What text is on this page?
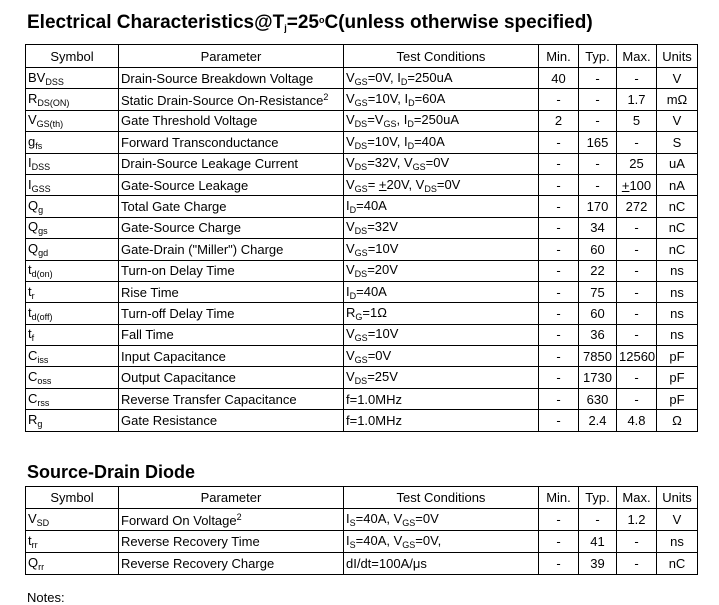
Electrical $Characteristics@Tj=25^oC(unless$ otherwise specified)
Symbol	Parameter	Test Conditions	Min.	Typ.	Max.	Units
$BV_{DSS}$	Drain-Source Breakdown Voltage	$V_{GS}=0V$, $I_D=250uA$	40	-	-	V
$R_{DS(ON)}$	Static Drain-Source On-Resistance$^2$	$V_{GS}=10V$, $I_D=60A$	-	-	1.7	mΩ
$V_{GS(th)}$	Gate Threshold Voltage	$V_{DS}=V_{GS}$, $I_D=250uA$	2	-	5	V
$g_{fs}$	Forward Transconductance	$V_{DS}=10V$, $I_D=40A$	-	165	-	S
$I_{DSS}$	Drain-Source Leakage Current	$V_{DS}=32V$, $V_{GS}=0V$	-	-	25	uA
$I_{GSS}$	Gate-Source Leakage	$V_{GS}= +20V$, $V_{DS}=0V$	-	-	+100	nA
$Q_g$	Total Gate Charge	$I_D=40A$	-	170	272	nC
$Q_{gs}$	Gate-Source Charge	$V_{DS}=32V$	-	34	-	nC
$Q_{gd}$	Gate-Drain ("Miller") Charge	$V_{GS}=10V$	-	60	-	nC
$t_{d(on)}$	Turn-on Delay Time	$V_{DS}=20V$	-	22	-	ns
$t_r$	Rise Time	$I_D=40A$	-	75	-	ns
$t_{d(off)}$	Turn-off Delay Time	$R_G=1\Omega$	-	60	-	ns
$t_f$	Fall Time	$V_{GS}=10V$	-	36	-	ns
$C_{iss}$	Input Capacitance	$V_{GS}=0V$	-	7850	12560	pF
$C_{oss}$	Output Capacitance	$V_{DS}=25V$	-	1730	-	pF
$C_{rss}$	Reverse Transfer Capacitance	f=1.0MHz	-	630	-	pF
$R_g$	Gate Resistance	f=1.0MHz	-	2.4	4.8	Ω
Source-Drain Diode
Symbol	Parameter	Test Conditions	Min.	Typ.	Max.	Units
$V_{SD}$	Forward On Voltage$^2$	$I_S=40A$, $V_{GS}=0V$	-	-	1.2	V
$t_{rr}$	Reverse Recovery Time	$I_S=40A$, $V_{GS}=0V$,	-	41	-	ns
$Q_{rr}$	Reverse Recovery Charge	dI/dt=100A/μs	-	39	-	nC
Notes:
